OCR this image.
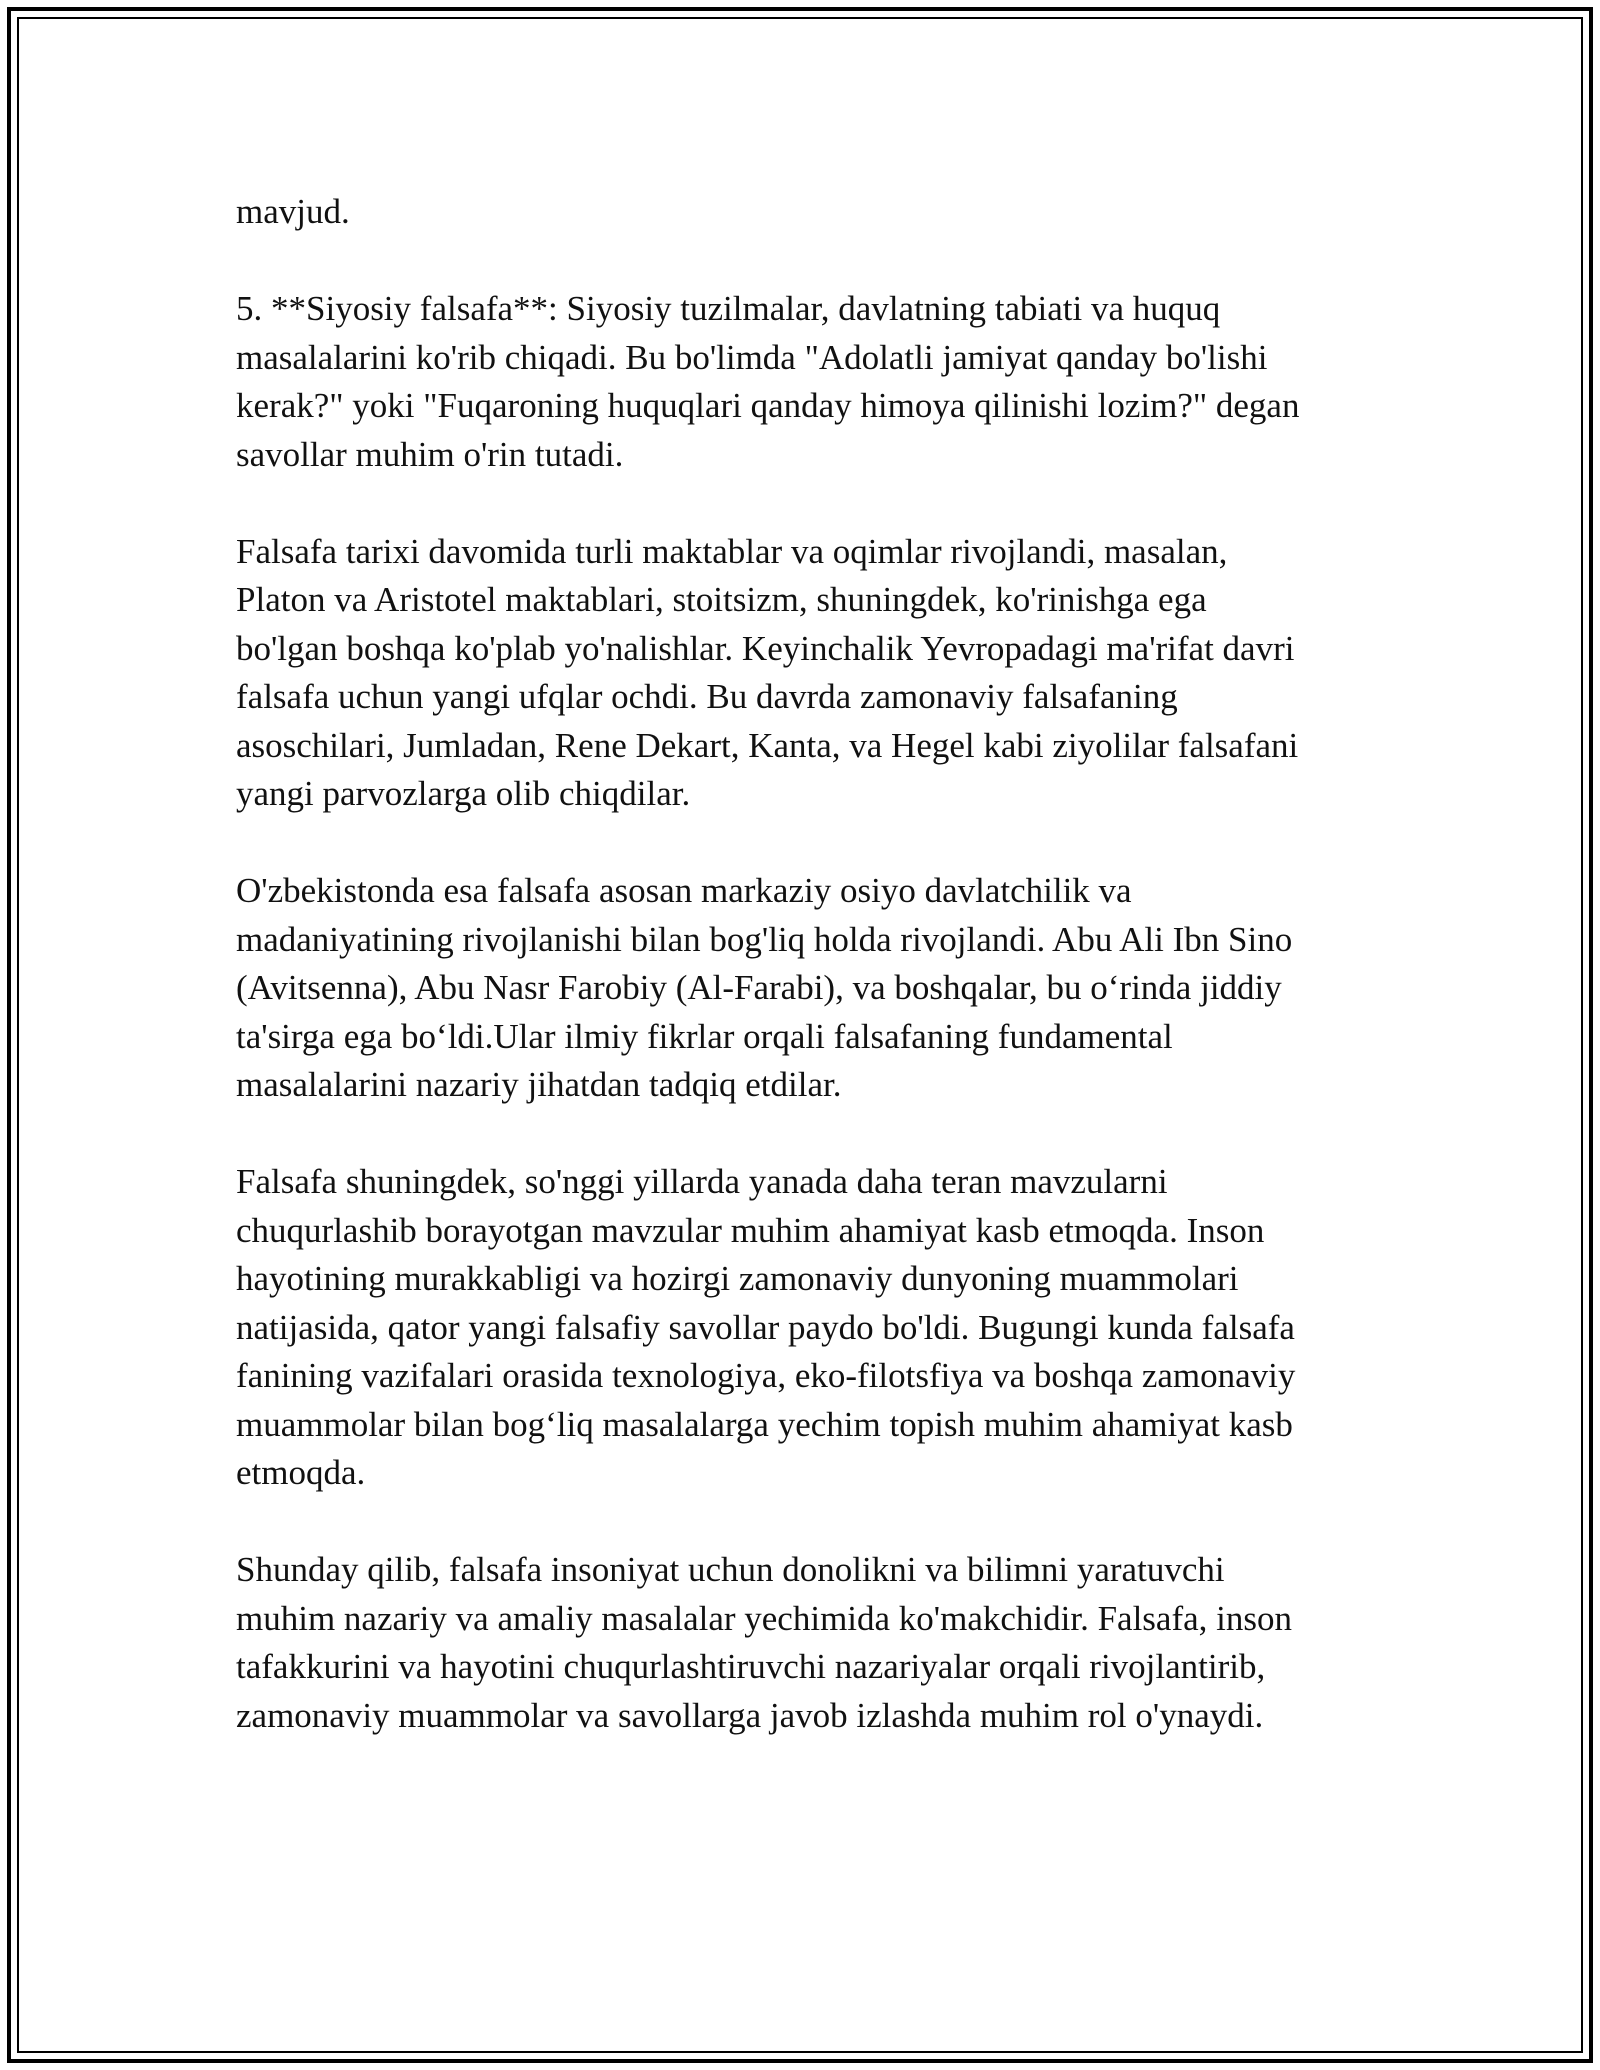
mavjud.

5. **Siyosiy falsafa**: Siyosiy tuzilmalar, davlatning tabiati va huquq
masalalarini ko'rib chiqadi. Bu bo'limda "Adolatli jamiyat qanday bo'lishi
kerak?" yoki "Fuqaroning huquqlari qanday himoya qilinishi lozim?" degan
savollar muhim o'rin tutadi.

Falsafa tarixi davomida turli maktablar va oqimlar rivojlandi, masalan,
Platon va Aristotel maktablari, stoitsizm, shuningdek, ko'rinishga ega
bo'lgan boshqa ko'plab yo'nalishlar. Keyinchalik Yevropadagi ma'rifat davri
falsafa uchun yangi ufqlar ochdi. Bu davrda zamonaviy falsafaning
asoschilari, Jumladan, Rene Dekart, Kanta, va Hegel kabi ziyolilar falsafani
yangi parvozlarga olib chiqdilar.

O'zbekistonda esa falsafa asosan markaziy osiyo davlatchilik va
madaniyatining rivojlanishi bilan bog'liq holda rivojlandi. Abu Ali Ibn Sino
(Avitsenna), Abu Nasr Farobiy (Al-Farabi), va boshqalar, bu o‘rinda jiddiy
ta'sirga ega bo‘ldi.Ular ilmiy fikrlar orqali falsafaning fundamental
masalalarini nazariy jihatdan tadqiq etdilar.

Falsafa shuningdek, so'nggi yillarda yanada daha teran mavzularni
chuqurlashib borayotgan mavzular muhim ahamiyat kasb etmoqda. Inson
hayotining murakkabligi va hozirgi zamonaviy dunyoning muammolari
natijasida, qator yangi falsafiy savollar paydo bo'ldi. Bugungi kunda falsafa
fanining vazifalari orasida texnologiya, eko-filotsfiya va boshqa zamonaviy
muammolar bilan bog‘liq masalalarga yechim topish muhim ahamiyat kasb
etmoqda.

Shunday qilib, falsafa insoniyat uchun donolikni va bilimni yaratuvchi
muhim nazariy va amaliy masalalar yechimida ko'makchidir. Falsafa, inson
tafakkurini va hayotini chuqurlashtiruvchi nazariyalar orqali rivojlantirib,
zamonaviy muammolar va savollarga javob izlashda muhim rol o'ynaydi.
